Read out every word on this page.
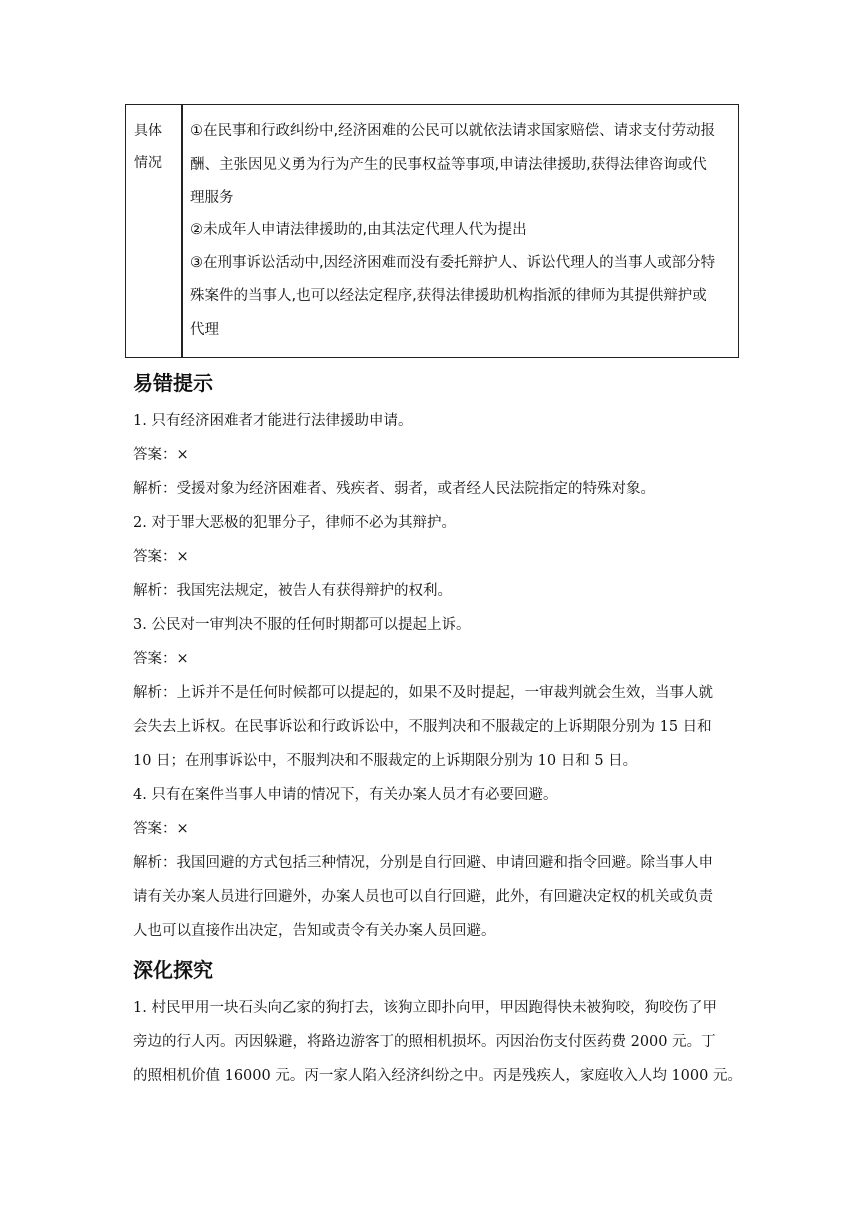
具体
情况
①在民事和行政纠纷中,经济困难的公民可以就依法请求国家赔偿、请求支付劳动报
酬、主张因见义勇为行为产生的民事权益等事项,申请法律援助,获得法律咨询或代
理服务
②未成年人申请法律援助的,由其法定代理人代为提出
③在刑事诉讼活动中,因经济困难而没有委托辩护人、诉讼代理人的当事人或部分特
殊案件的当事人,也可以经法定程序,获得法律援助机构指派的律师为其提供辩护或
代理
易错提示
1. 只有经济困难者才能进行法律援助申请。
答案：×
解析：受援对象为经济困难者、残疾者、弱者，或者经人民法院指定的特殊对象。
2. 对于罪大恶极的犯罪分子，律师不必为其辩护。
答案：×
解析：我国宪法规定，被告人有获得辩护的权利。
3. 公民对一审判决不服的任何时期都可以提起上诉。
答案：×
解析：上诉并不是任何时候都可以提起的，如果不及时提起，一审裁判就会生效，当事人就
会失去上诉权。在民事诉讼和行政诉讼中，不服判决和不服裁定的上诉期限分别为 15 日和
10 日；在刑事诉讼中，不服判决和不服裁定的上诉期限分别为 10 日和 5 日。
4. 只有在案件当事人申请的情况下，有关办案人员才有必要回避。
答案：×
解析：我国回避的方式包括三种情况，分别是自行回避、申请回避和指令回避。除当事人申
请有关办案人员进行回避外，办案人员也可以自行回避，此外，有回避决定权的机关或负责
人也可以直接作出决定，告知或责令有关办案人员回避。
深化探究
1. 村民甲用一块石头向乙家的狗打去，该狗立即扑向甲，甲因跑得快未被狗咬，狗咬伤了甲
旁边的行人丙。丙因躲避，将路边游客丁的照相机损坏。丙因治伤支付医药费 2000 元。丁
的照相机价值 16000 元。丙一家人陷入经济纠纷之中。丙是残疾人，家庭收入人均 1000 元。
